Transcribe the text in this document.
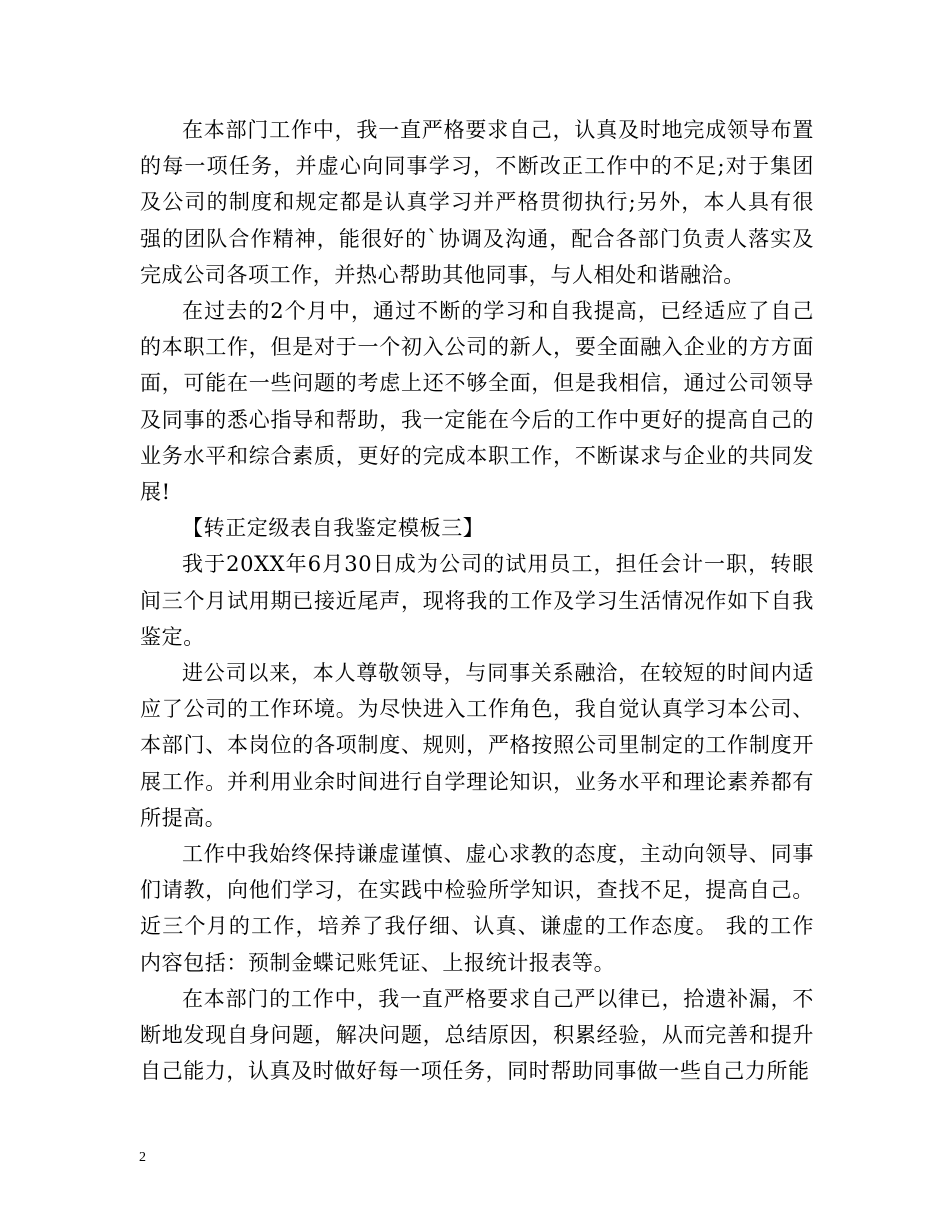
在本部门工作中，我一直严格要求自己，认真及时地完成领导布置的每一项任务，并虚心向同事学习，不断改正工作中的不足;对于集团及公司的制度和规定都是认真学习并严格贯彻执行;另外，本人具有很强的团队合作精神，能很好的`协调及沟通，配合各部门负责人落实及完成公司各项工作，并热心帮助其他同事，与人相处和谐融洽。

在过去的2个月中，通过不断的学习和自我提高，已经适应了自己的本职工作，但是对于一个初入公司的新人，要全面融入企业的方方面面，可能在一些问题的考虑上还不够全面，但是我相信，通过公司领导及同事的悉心指导和帮助，我一定能在今后的工作中更好的提高自己的业务水平和综合素质，更好的完成本职工作，不断谋求与企业的共同发展!

【转正定级表自我鉴定模板三】

我于20XX年6月30日成为公司的试用员工，担任会计一职，转眼间三个月试用期已接近尾声，现将我的工作及学习生活情况作如下自我鉴定。

进公司以来，本人尊敬领导，与同事关系融洽，在较短的时间内适应了公司的工作环境。为尽快进入工作角色，我自觉认真学习本公司、本部门、本岗位的各项制度、规则，严格按照公司里制定的工作制度开展工作。并利用业余时间进行自学理论知识，业务水平和理论素养都有所提高。

工作中我始终保持谦虚谨慎、虚心求教的态度，主动向领导、同事们请教，向他们学习，在实践中检验所学知识，查找不足，提高自己。近三个月的工作，培养了我仔细、认真、谦虚的工作态度。 我的工作内容包括：预制金蝶记账凭证、上报统计报表等。

在本部门的工作中，我一直严格要求自己严以律已，拾遗补漏，不断地发现自身问题，解决问题，总结原因，积累经验，从而完善和提升自己能力，认真及时做好每一项任务，同时帮助同事做一些自己力所能

2
